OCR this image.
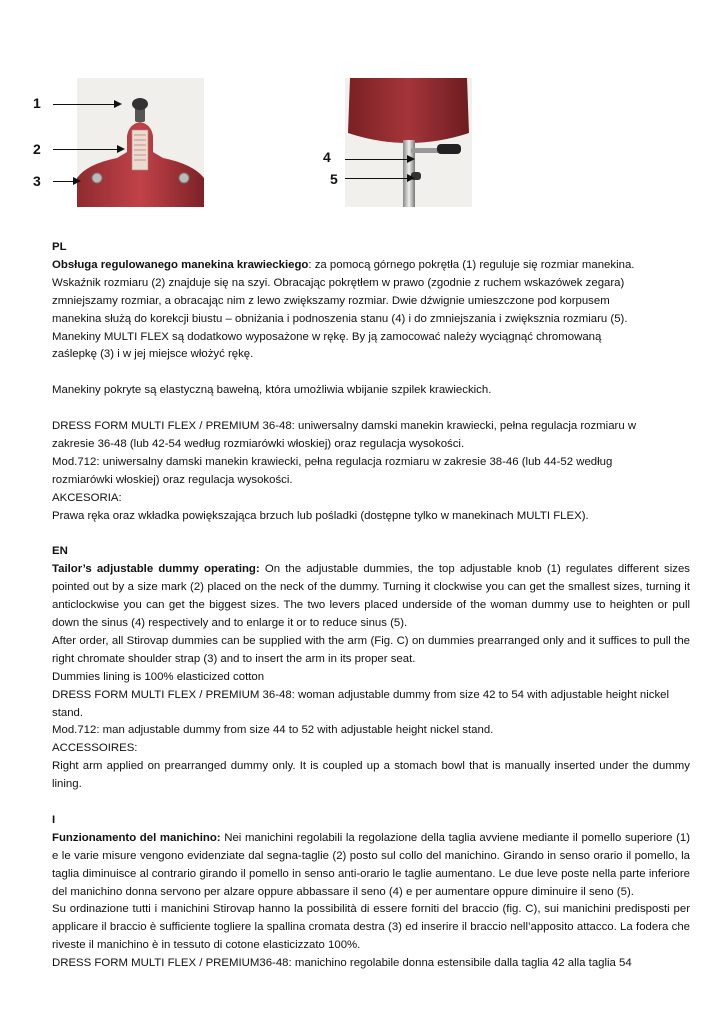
1
2
3
4
5

PL

Obsługa regulowanego manekina krawieckiego: za pomocą górnego pokrętła (1) reguluje się rozmiar manekina.

Wskaźnik rozmiaru (2) znajduje się na szyi. Obracając pokrętłem w prawo (zgodnie z ruchem wskazówek zegara)

zmniejszamy rozmiar, a obracając nim z lewo zwiększamy rozmiar. Dwie dźwignie umieszczone pod korpusem

manekina służą do korekcji biustu – obniżania i podnoszenia stanu (4) i do zmniejszania i zwiększnia rozmiaru (5).

Manekiny MULTI FLEX są dodatkowo wyposażone w rękę. By ją zamocować należy wyciągnąć chromowaną

zaślepkę (3) i w jej miejsce włożyć rękę.

Manekiny pokryte są elastyczną bawełną, która umożliwia wbijanie szpilek krawieckich.

DRESS FORM MULTI FLEX / PREMIUM 36-48: uniwersalny damski manekin krawiecki, pełna regulacja rozmiaru w

zakresie 36-48 (lub 42-54 według rozmiarówki włoskiej) oraz regulacja wysokości.

Mod.712: uniwersalny damski manekin krawiecki, pełna regulacja rozmiaru w zakresie 38-46 (lub 44-52 według

rozmiarówki włoskiej) oraz regulacja wysokości.

AKCESORIA:

Prawa ręka oraz wkładka powiększająca brzuch lub pośladki (dostępne tylko w manekinach MULTI FLEX).

EN

Tailor’s adjustable dummy operating: On the adjustable dummies, the top adjustable knob (1) regulates different sizes pointed out by a size mark (2) placed on the neck of the dummy. Turning it clockwise you can get the smallest sizes, turning it anticlockwise you can get the biggest sizes. The two levers placed underside of the woman dummy use to heighten or pull down the sinus (4) respectively and to enlarge it or to reduce sinus (5).

After order, all Stirovap dummies can be supplied with the arm (Fig. C) on dummies prearranged only and it suffices to pull the right chromate shoulder strap (3) and to insert the arm in its proper seat.

Dummies lining is 100% elasticized cotton

DRESS FORM MULTI FLEX / PREMIUM 36-48: woman adjustable dummy from size 42 to 54 with adjustable height nickel stand.

Mod.712: man adjustable dummy from size 44 to 52 with adjustable height nickel stand.

ACCESSOIRES:

Right arm applied on prearranged dummy only. It is coupled up a stomach bowl that is manually inserted under the dummy lining.

I

Funzionamento del manichino: Nei manichini regolabili la regolazione della taglia avviene mediante il pomello superiore (1) e le varie misure vengono evidenziate dal segna-taglie (2) posto sul collo del manichino. Girando in senso orario il pomello, la taglia diminuisce al contrario girando il pomello in senso anti-orario le taglie aumentano. Le due leve poste nella parte inferiore del manichino donna servono per alzare oppure abbassare il seno (4) e per aumentare oppure diminuire il seno (5).

Su ordinazione tutti i manichini Stirovap hanno la possibilità di essere forniti del braccio (fig. C), sui manichini predisposti per applicare il braccio è sufficiente togliere la spallina cromata destra (3) ed inserire il braccio nell’apposito attacco. La fodera che riveste il manichino è in tessuto di cotone elasticizzato 100%.

DRESS FORM MULTI FLEX / PREMIUM36-48: manichino regolabile donna estensibile dalla taglia 42 alla taglia 54
